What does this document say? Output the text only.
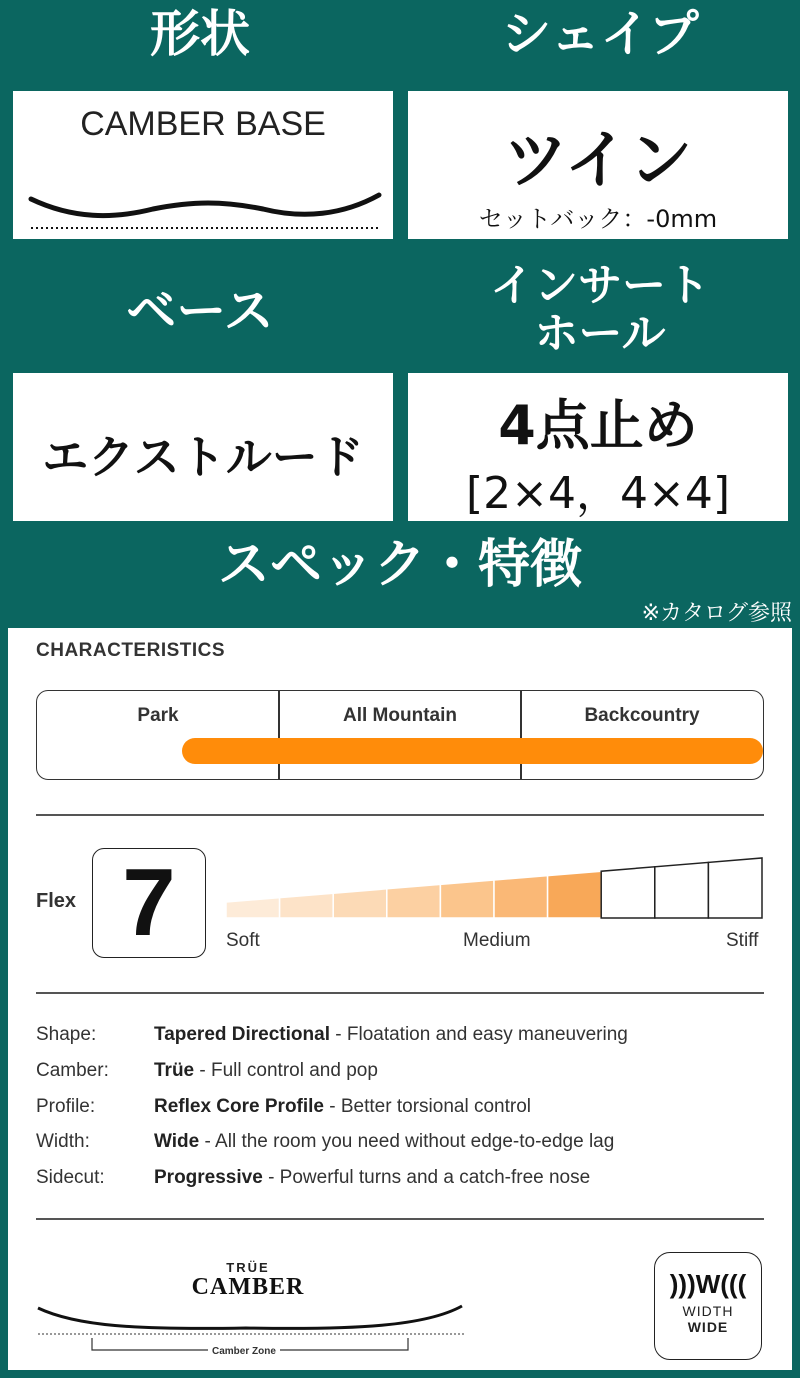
形状	シェイプ
CAMBER BASE	ツイン
セットバック：-0mm
ベース	インサート
ホール
エクストルード	4点止め
[2×4，4×4]
スペック・特徴
※カタログ参照
CHARACTERISTICS
Park	All Mountain	Backcountry
Flex 7	Soft	Medium	Stiff
Shape:	Tapered Directional - Floatation and easy maneuvering
Camber: Trüe - Full control and pop
Profile:	Reflex Core Profile - Better torsional control
Width:	Wide - All the room you need without edge-to-edge lag
Sidecut:	Progressive - Powerful turns and a catch-free nose
TRÜE
CAMBER
Camber Zone
)))W(((
WIDTH
WIDE
